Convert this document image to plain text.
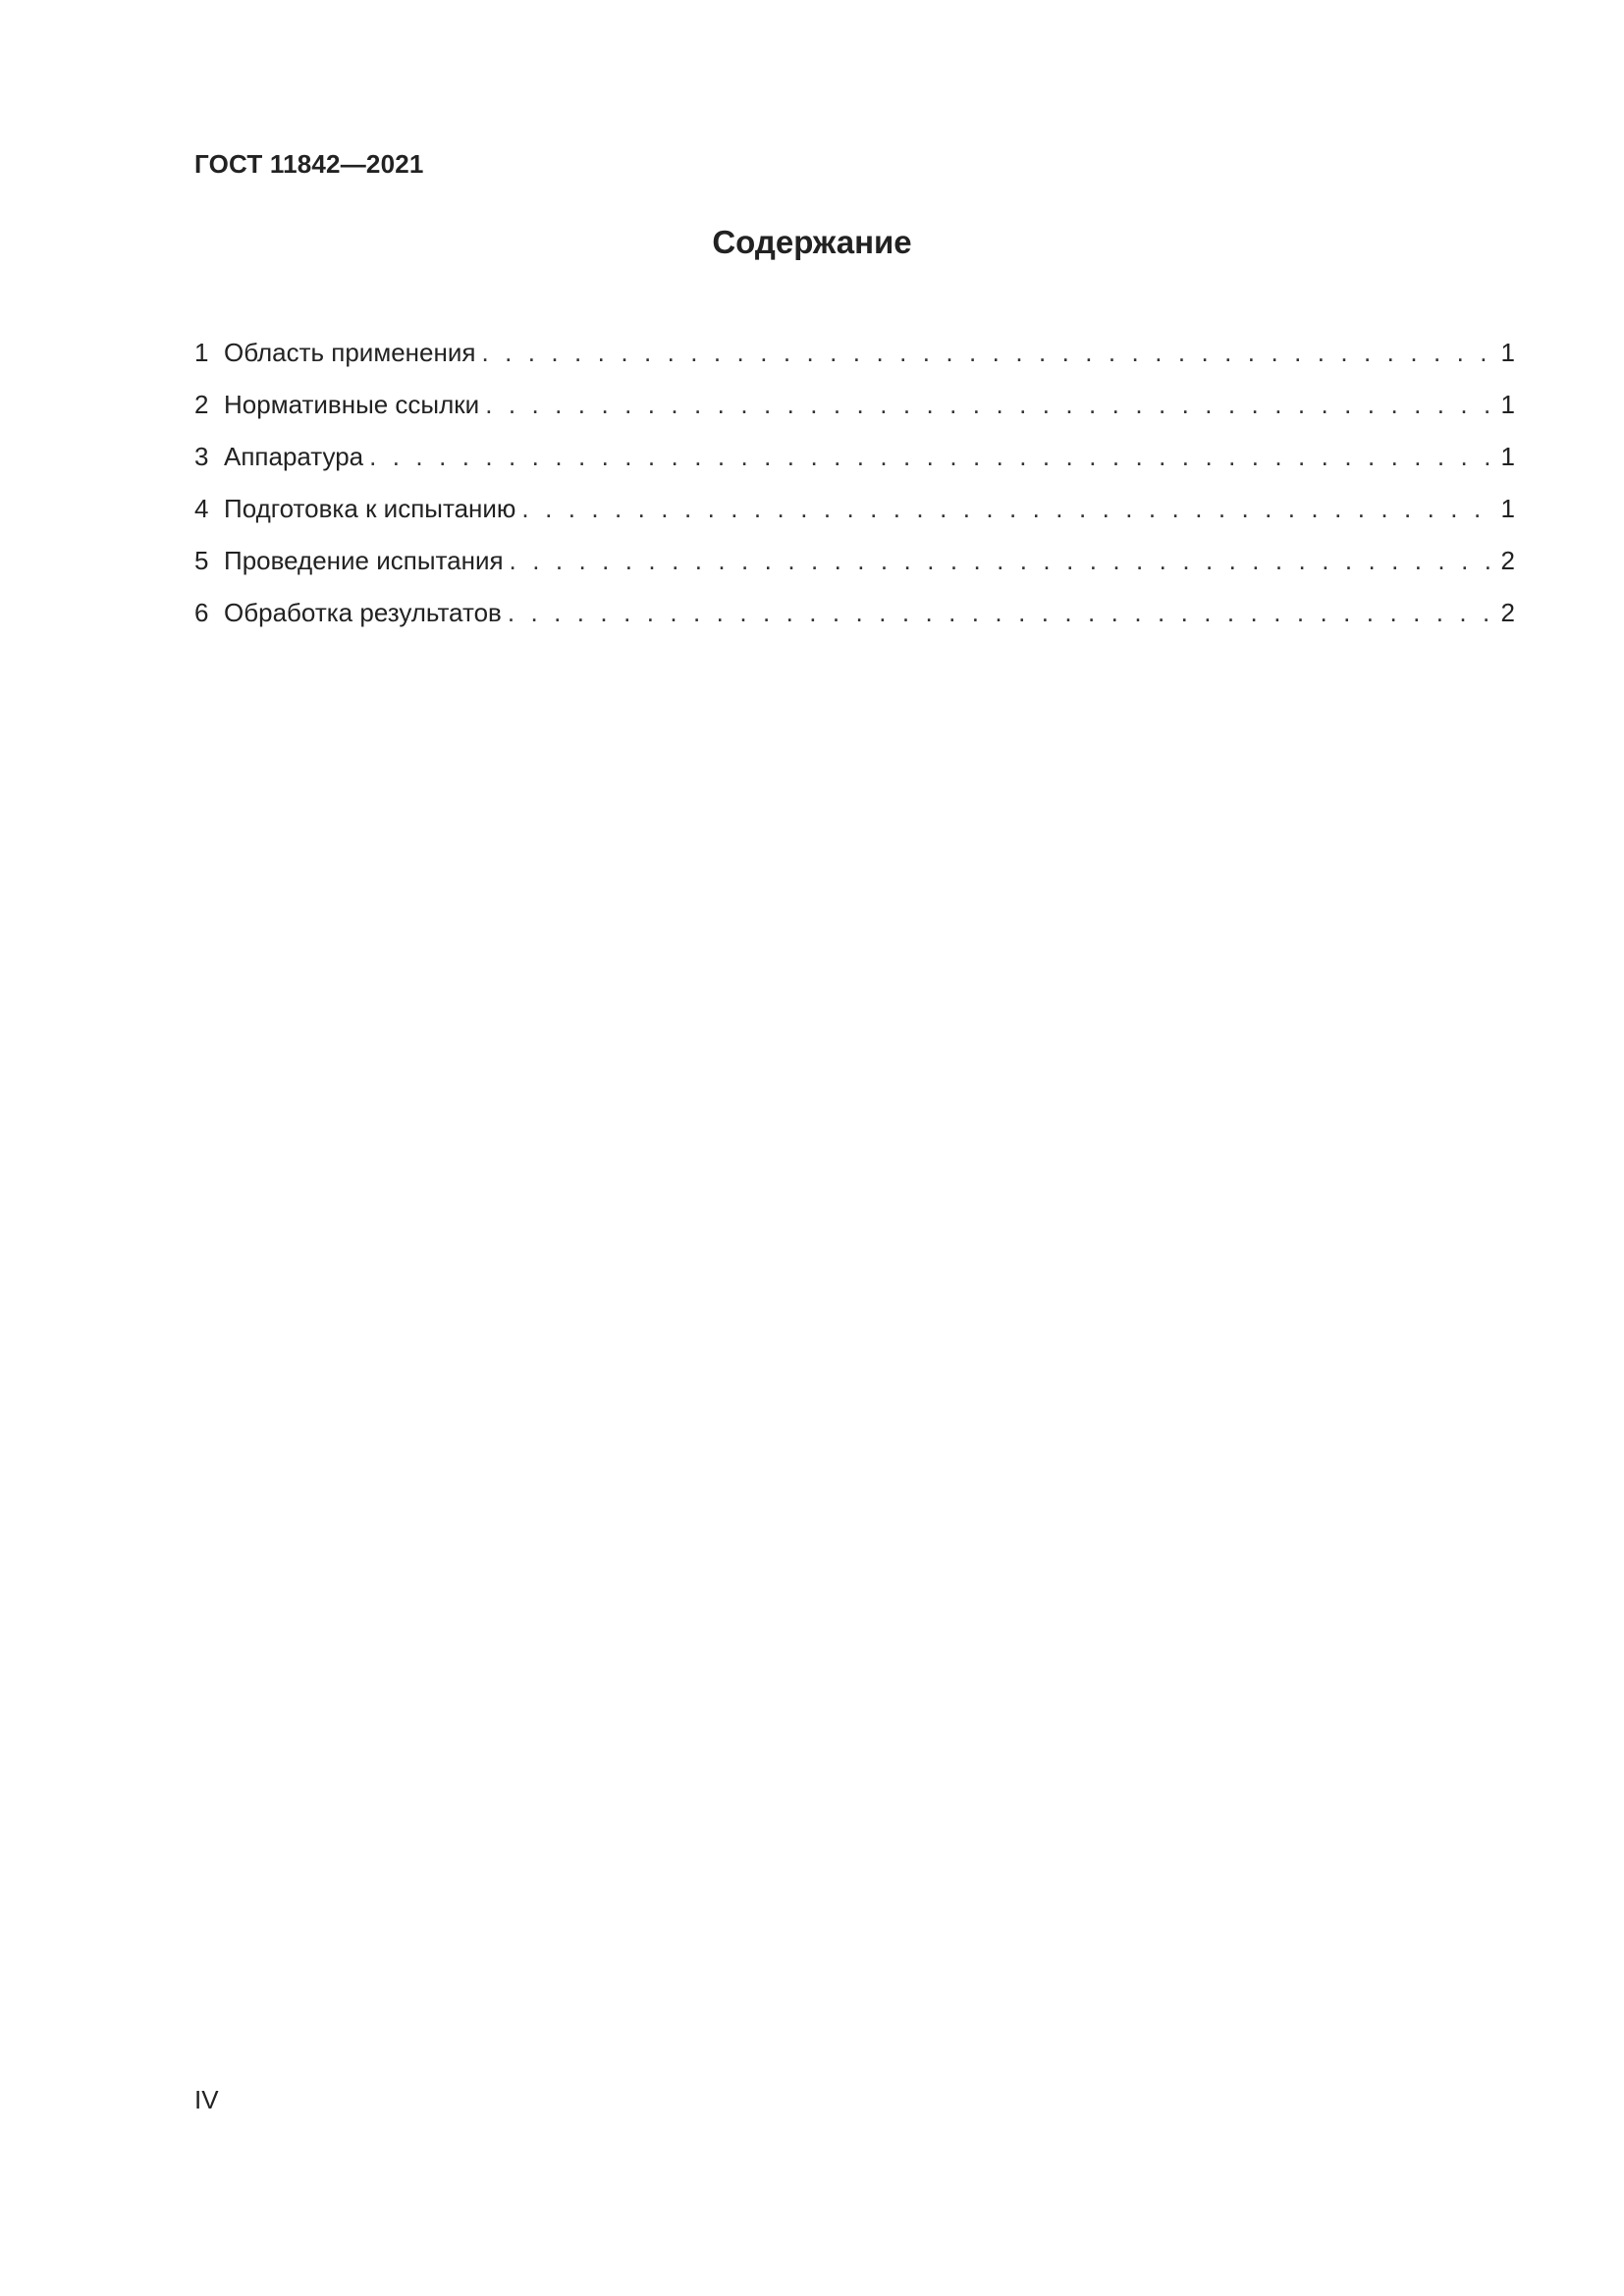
ГОСТ 11842—2021
Содержание
1 Область применения . . .	1
2 Нормативные ссылки . . .	1
3 Аппаратура . . .	1
4 Подготовка к испытанию . . .	1
5 Проведение испытания . . .	2
6 Обработка результатов . . .	2
IV
